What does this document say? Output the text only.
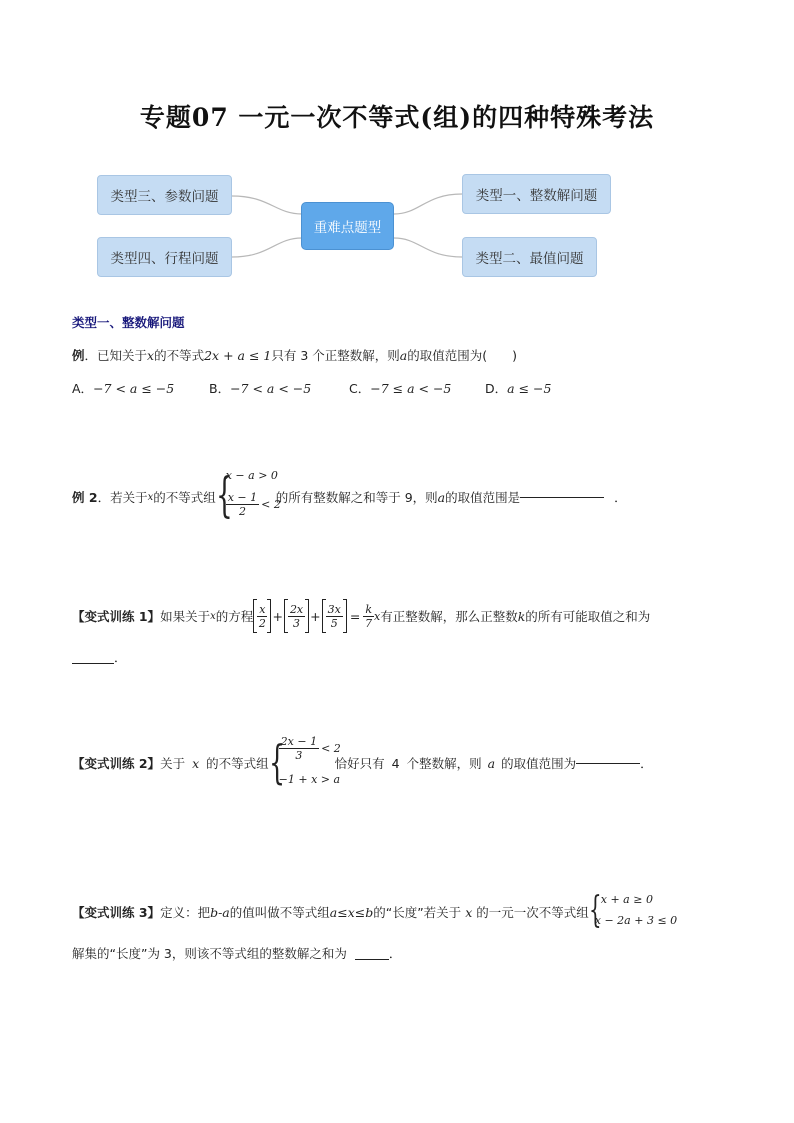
专题07 一元一次不等式(组)的四种特殊考法
类型三、参数问题
类型四、行程问题
重难点题型
类型一、整数解问题
类型二、最值问题
类型一、整数解问题
例．已知关于x的不等式2x + a ≤ 1只有 3 个正整数解，则a的取值范围为(　　)
A．−7 < a ≤ −5	B．−7 < a < −5	C．−7 ≤ a < −5	D．a ≤ −5
例 2 ．若关于 x 的不等式组 {
x − a > 0
$\frac{x - 1}{2} < 2$
的所有整数解之和等于 9，则 a 的取值范围是	．
【变式训练 1】 如果关于 x 的方程 $\frac{x}{2} + \frac{2x}{3} + \frac{3x}{5} = \frac{k}{7}$ x 有正整数解，那么正整数 k 的所有可能取值之和为
．
【变式训练 2】 关于 x 的不等式组 {
$\frac{2x - 1}{3} < 2$
−1 + x > a
恰好只有 4 个整数解，则 a 的取值范围为	．
【变式训练 3】 定义：把 b-a 的值叫做不等式组 a≤x≤b 的“长度”若关于 x 的一元一次不等式组 { x + a ≥ 0
x − 2a + 3 ≤ 0
解集的“长度”为 3，则该不等式组的整数解之和为	．
